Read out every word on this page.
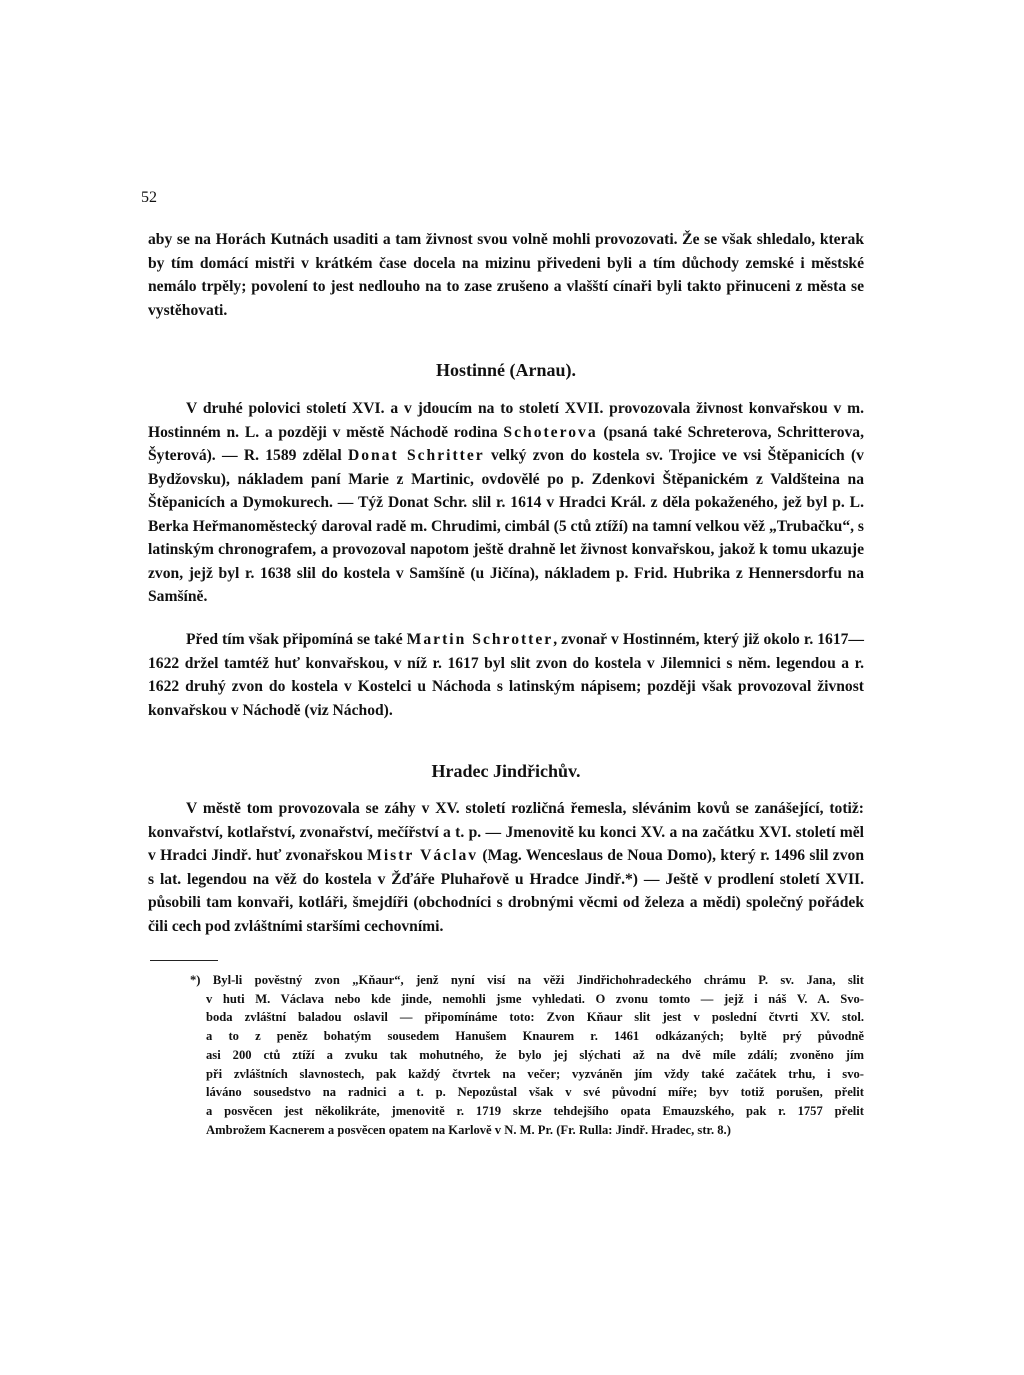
52
aby se na Horách Kutnách usaditi a tam živnost svou volně mohli provozovati. Že se však shledalo, kterak by tím domácí mistři v krátkém čase docela na mizinu přivedeni byli a tím důchody zemské i městské nemálo trpěly; povolení to jest nedlouho na to zase zrušeno a vlašští cínaři byli takto přinuceni z města se vystěhovati.
Hostinné (Arnau).
V druhé polovici století XVI. a v jdoucím na to století XVII. provozovala živnost konvařskou v m. Hostinném n. L. a později v městě Náchodě rodina Schoterova (psaná také Schreterova, Schritterova, Šyterová). — R. 1589 zdělal Donat Schritter velký zvon do kostela sv. Trojice ve vsi Štěpanicích (v Bydžovsku), nákladem paní Marie z Martinic, ovdovělé po p. Zdenkovi Štěpanickém z Valdšteina na Štěpanicích a Dymokurech. — Týž Donat Schr. slil r. 1614 v Hradci Král. z děla pokaženého, jež byl p. L. Berka Heřmanoměstecký daroval radě m. Chrudimi, cimbál (5 ctů ztíží) na tamní velkou věž „Trubačku“, s latinským chronografem, a provozoval napotom ještě drahně let živnost konvařskou, jakož k tomu ukazuje zvon, jejž byl r. 1638 slil do kostela v Samšíně (u Jičína), nákladem p. Frid. Hubrika z Hennersdorfu na Samšíně.
Před tím však připomíná se také Martin Schrotter, zvonař v Hostinném, který již okolo r. 1617—1622 držel tamtéž huť konvařskou, v níž r. 1617 byl slit zvon do kostela v Jilemnici s něm. legendou a r. 1622 druhý zvon do kostela v Kostelci u Náchoda s latinským nápisem; později však provozoval živnost konvařskou v Náchodě (viz Náchod).
Hradec Jindřichův.
V městě tom provozovala se záhy v XV. století rozličná řemesla, slévánim kovů se zanášející, totiž: konvařství, kotlařství, zvonařství, mečířství a t. p. — Jmenovitě ku konci XV. a na začátku XVI. století měl v Hradci Jindř. huť zvonařskou Mistr Václav (Mag. Wenceslaus de Noua Domo), který r. 1496 slil zvon s lat. legendou na věž do kostela v Žďáře Pluhařově u Hradce Jindř.*) — Ještě v prodlení století XVII. působili tam konvaři, kotláři, šmejdíři (obchodníci s drobnými věcmi od železa a mědi) společný pořádek čili cech pod zvláštními staršími cechovními.
*) Byl-li pověstný zvon „Kňaur“, jenž nyní visí na věži Jindřichohradeckého chrámu P. sv. Jana, slit
v huti M. Václava nebo kde jinde, nemohli jsme vyhledati. O zvonu tomto — jejž i náš V. A. Svo-
boda zvláštní baladou oslavil — připomínáme toto: Zvon Kňaur slit jest v poslední čtvrti XV. stol.
a to z peněz bohatým sousedem Hanušem Knaurem r. 1461 odkázaných; byltě prý původně
asi 200 ctů ztíží a zvuku tak mohutného, že bylo jej slýchati až na dvě míle zdálí; zvoněno jím
při zvláštních slavnostech, pak každý čtvrtek na večer; vyzváněn jím vždy také začátek trhu, i svo-
láváno sousedstvo na radnici a t. p. Nepozůstal však v své původní míře; byv totiž porušen, přelit
a posvěcen jest několikráte, jmenovitě r. 1719 skrze tehdejšího opata Emauzského, pak r. 1757 přelit
Ambrožem Kacnerem a posvěcen opatem na Karlově v N. M. Pr. (Fr. Rulla: Jindř. Hradec, str. 8.)
